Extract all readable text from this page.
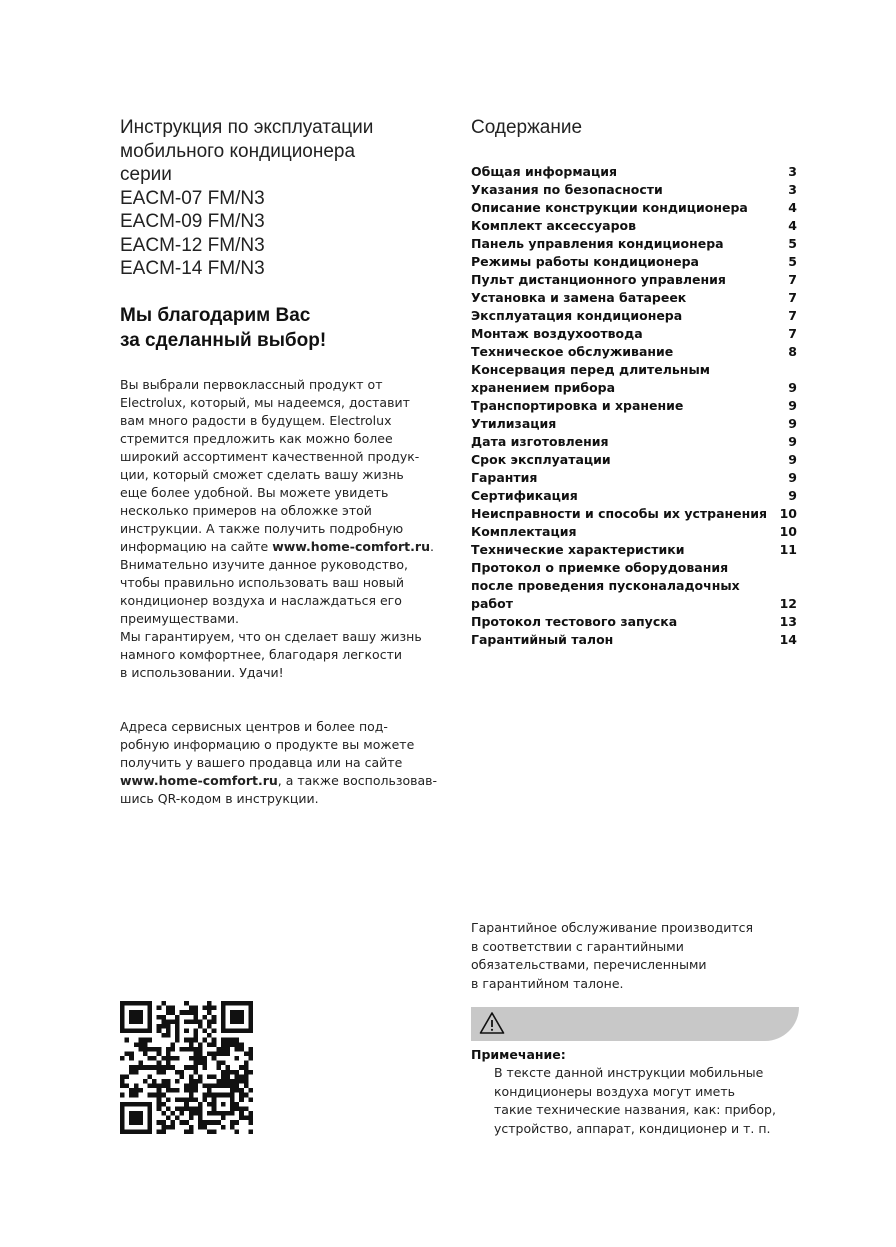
Инструкция по эксплуатации
мобильного кондиционера
серии
EACM-07 FM/N3
EACM-09 FM/N3
EACM-12 FM/N3
EACM-14 FM/N3
Мы благодарим Вас
за сделанный выбор!
Вы выбрали первоклассный продукт от
Electrolux, который, мы надеемся, доставит
вам много радости в будущем. Electrolux
стремится предложить как можно более
широкий ассортимент качественной продук-
ции, который сможет сделать вашу жизнь
еще более удобной. Вы можете увидеть
несколько примеров на обложке этой
инструкции. А также получить подробную
информацию на сайте www.home-comfort.ru.
Внимательно изучите данное руководство,
чтобы правильно использовать ваш новый
кондиционер воздуха и наслаждаться его
преимуществами.
Мы гарантируем, что он сделает вашу жизнь
намного комфортнее, благодаря легкости
в использовании. Удачи!
Адреса сервисных центров и более под-
робную информацию о продукте вы можете
получить у вашего продавца или на сайте
www.home-comfort.ru, а также воспользовав-
шись QR-кодом в инструкции.
Содержание
Общая информация	3
Указания по безопасности	3
Описание конструкции кондиционера	4
Комплект аксессуаров	4
Панель управления кондиционера	5
Режимы работы кондиционера	5
Пульт дистанционного управления	7
Установка и замена батареек	7
Эксплуатация кондиционера	7
Монтаж воздухоотвода	7
Техническое обслуживание	8
Консервация перед длительным
хранением прибора	9
Транспортировка и хранение	9
Утилизация	9
Дата изготовления	9
Срок эксплуатации	9
Гарантия	9
Сертификация	9
Неисправности и способы их устранения	10
Комплектация	10
Технические характеристики	11
Протокол о приемке оборудования
после проведения пусконаладочных
работ	12
Протокол тестового запуска	13
Гарантийный талон	14
Гарантийное обслуживание производится
в соответствии с гарантийными
обязательствами, перечисленными
в гарантийном талоне.
Примечание:
В тексте данной инструкции мобильные
кондиционеры воздуха могут иметь
такие технические названия, как: прибор,
устройство, аппарат, кондиционер и т. п.
